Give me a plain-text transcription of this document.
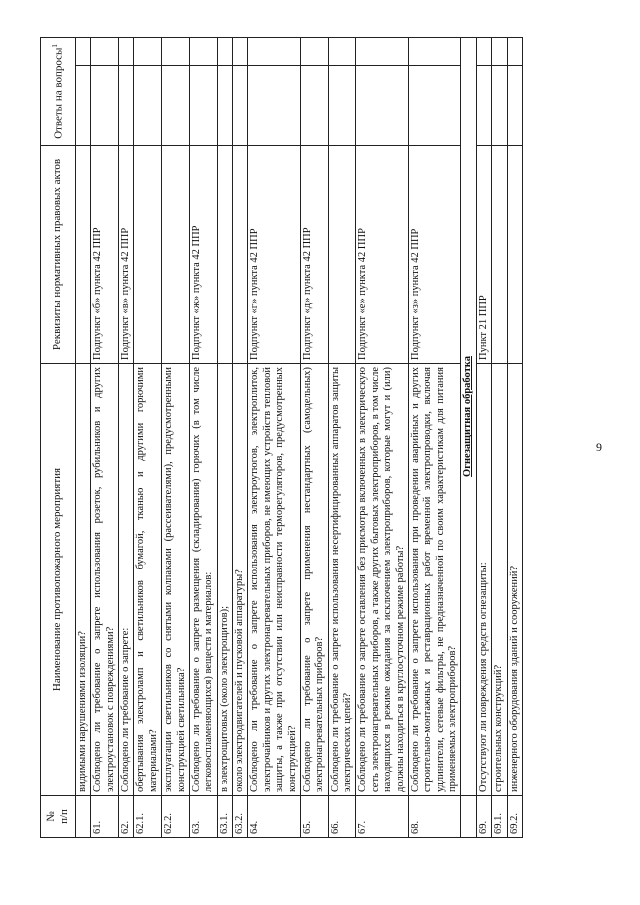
9
№
п/п	Наименование противопожарного мероприятия	Реквизиты нормативных правовых актов	Ответы на вопросы$^1$
	видимыми нарушениями изоляции?			
61.	Соблюдено ли требование о запрете использования розеток, рубильников и других электроустановок с повреждениями?	Подпункт «б» пункта 42 ППР		
62.	Соблюдено ли требование о запрете:	Подпункт «в» пункта 42 ППР		
62.1.	обертывания электроламп и светильников бумагой, тканью и другими горючими материалами?			
62.2.	эксплуатации светильников со снятыми колпаками (рассеивателями), предусмотренными конструкцией светильника?			
63.	Соблюдено ли требование о запрете размещения (складирования) горючих (в том числе легковоспламеняющихся) веществ и материалов:	Подпункт «ж» пункта 42 ППР		
63.1.	в электрощитовых (около электрощитов);			
63.2.	около электродвигателей и пусковой аппаратуры?			
64.	Соблюдено ли требование о запрете использования электроутюгов, электроплиток, электрочайников и других электронагревательных приборов, не имеющих устройств тепловой защиты, а также при отсутствии или неисправности терморегуляторов, предусмотренных конструкцией?	Подпункт «г» пункта 42 ППР		
65.	Соблюдено ли требование о запрете применения нестандартных (самодельных) электронагревательных приборов?	Подпункт «д» пункта 42 ППР		
66.	Соблюдено ли требование о запрете использования несертифицированных аппаратов защиты электрических цепей?			
67.	Соблюдено ли требование о запрете оставления без присмотра включенных в электрическую сеть электронагревательных приборов, а также других бытовых электроприборов, в том числе находящихся в режиме ожидания за исключением электроприборов, которые могут и (или) должны находиться в круглосуточном режиме работы?	Подпункт «е» пункта 42 ППР		
68.	Соблюдено ли требование о запрете использования при проведении аварийных и других строительно-монтажных и реставрационных работ временной электропроводки, включая удлинители, сетевые фильтры, не предназначенной по своим характеристикам для питания применяемых электроприборов?	Подпункт «з» пункта 42 ППР		
	Огнезащитная обработка			
69.	Отсутствуют ли повреждения средств огнезащиты:	Пункт 21 ППР		
69.1.	строительных конструкций?			
69.2.	инженерного оборудования зданий и сооружений?			
